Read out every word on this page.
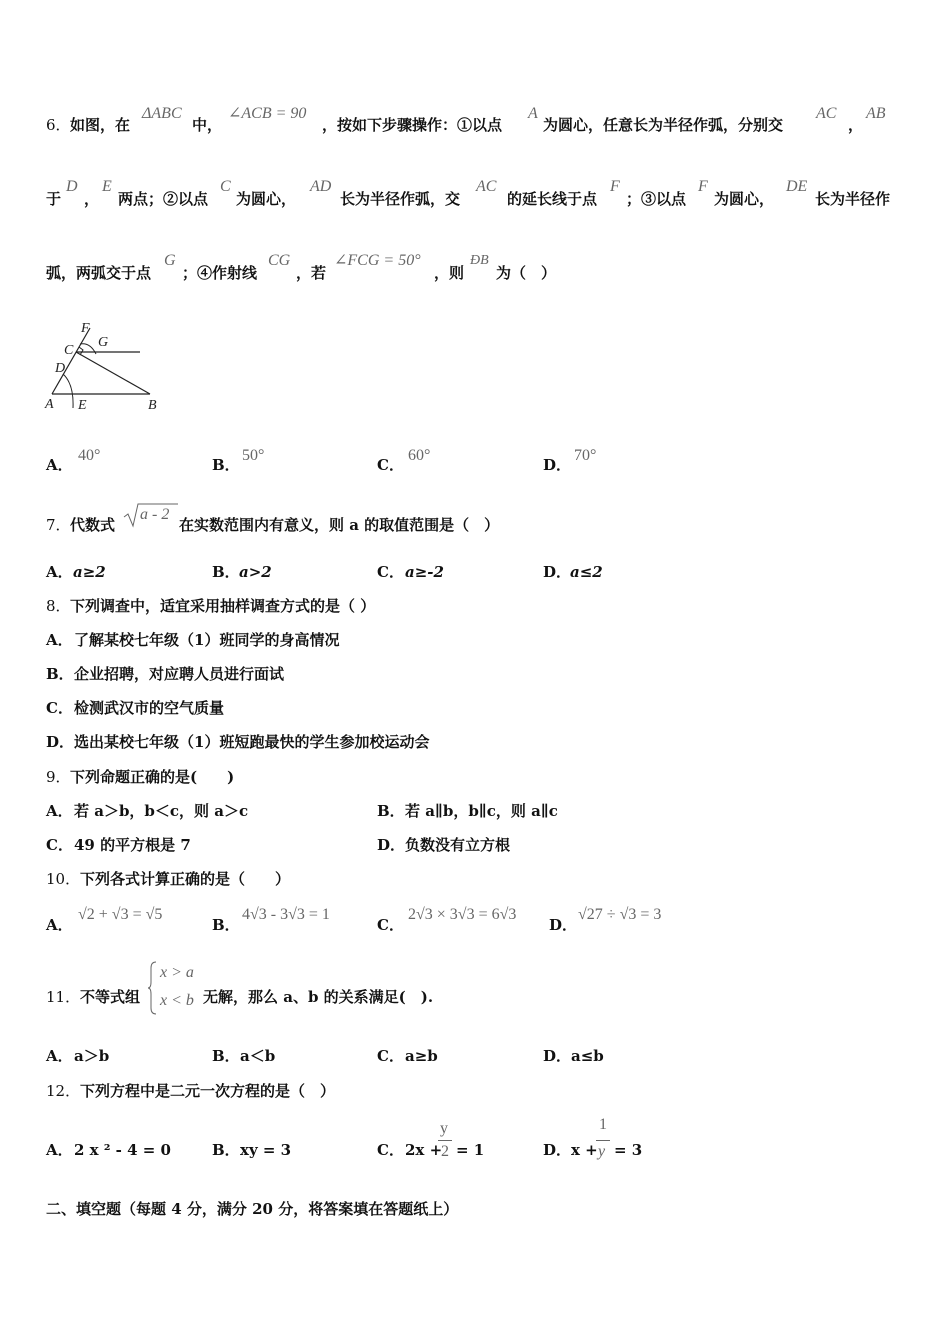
6． 如图，在
ΔABC
中，
∠ACB = 90
，按如下步骤操作：①以点
A
为圆心，任意长为半径作弧，分别交
AC
，
AB
于
D
，
E
两点；②以点
C
为圆心，
AD
长为半径作弧，交
AC
的延长线于点
F
；③以点
F
为圆心，
DE
长为半径作
弧，两弧交于点
G
；④作射线
CG
，若
∠FCG = 50°
，则
ÐB
为（　）
F
G
C
D
A E	B
A．
40°
B．
50°
C．
60°
D．
70°
7． 代数式
a - 2
在实数范围内有意义，则 a 的取值范围是（　）
A． a≥2	B． a>2	C． a≥-2	D．
a≤2
8． 下列调查中，适宜采用抽样调查方式的是（ ）
A． 了解某校七年级（1）班同学的身高情况
B． 企业招聘，对应聘人员进行面试
C． 检测武汉市的空气质量
D． 选出某校七年级（1）班短跑最快的学生参加校运动会
9． 下列命题正确的是(　　)
A． 若 a＞b，b＜c，则 a＞c	B． 若 a∥b，b∥c，则 a∥c
C． 49 的平方根是 7	D． 负数没有立方根
10． 下列各式计算正确的是（　　）
A．
√2 + √3 = √5
B．
4√3 - 3√3 = 1
C．
2√3 × 3√3 = 6√3
D．
√27 ÷ √3 = 3
11． 不等式组
x > a
x < b 无解，那么 a、b 的关系满足(　).
A． a＞b	B． a＜b	C． a≥b	D． a≤b
12． 下列方程中是二元一次方程的是（　）
A． 2 x ² - 4 = 0	B． xy = 3	C． 2x +
y
2 = 1	D． x +
1
y = 3
二、填空题（每题 4 分，满分 20 分，将答案填在答题纸上）
